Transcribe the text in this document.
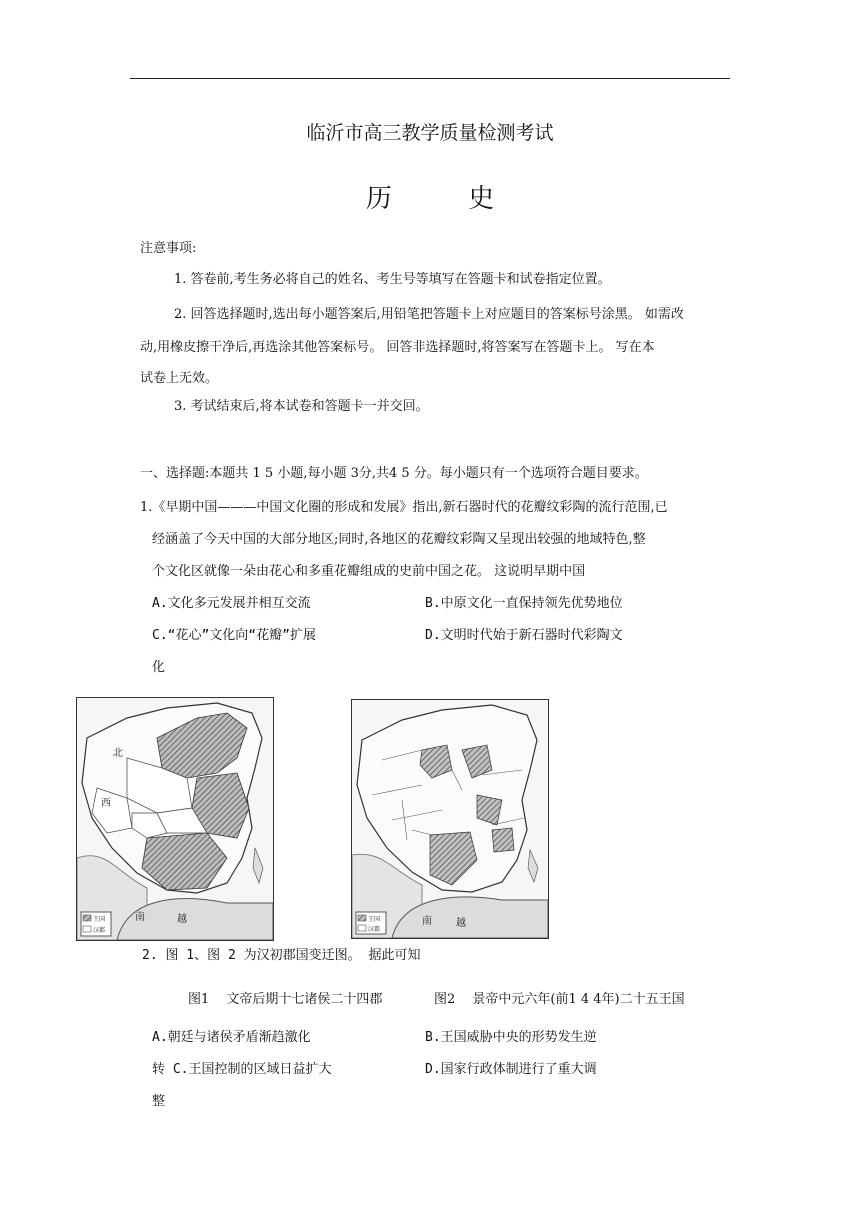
临沂市高三教学质量检测考试
历 史
注意事项:
1. 答卷前,考生务必将自己的姓名、考生号等填写在答题卡和试卷指定位置。
2. 回答选择题时,选出每小题答案后,用铅笔把答题卡上对应题目的答案标号涂黑。 如需改
动,用橡皮擦干净后,再选涂其他答案标号。 回答非选择题时,将答案写在答题卡上。 写在本
试卷上无效。
3. 考试结束后,将本试卷和答题卡一并交回。
一、选择题:本题共 1 5 小题,每小题 3分,共4 5 分。每小题只有一个选项符合题目要求。
1.《早期中国———中国文化圈的形成和发展》指出,新石器时代的花瓣纹彩陶的流行范围,已
经涵盖了今天中国的大部分地区;同时,各地区的花瓣纹彩陶又呈现出较强的地域特色,整
个文化区就像一朵由花心和多重花瓣组成的史前中国之花。 这说明早期中国
A.文化多元发展并相互交流	B.中原文化一直保持领先优势地位
C.“花心”文化向“花瓣”扩展	D.文明时代始于新石器时代彩陶文
化
北
西
南	越
王国
汉郡
南 越
王国
汉郡
2. 图 1、图 2 为汉初郡国变迁图。 据此可知
图1　 文帝后期十七诸侯二十四郡	图2　 景帝中元六年(前1 4 4年)二十五王国
A.朝廷与诸侯矛盾渐趋激化	B.王国威胁中央的形势发生逆
转 C.王国控制的区域日益扩大	D.国家行政体制进行了重大调
整
